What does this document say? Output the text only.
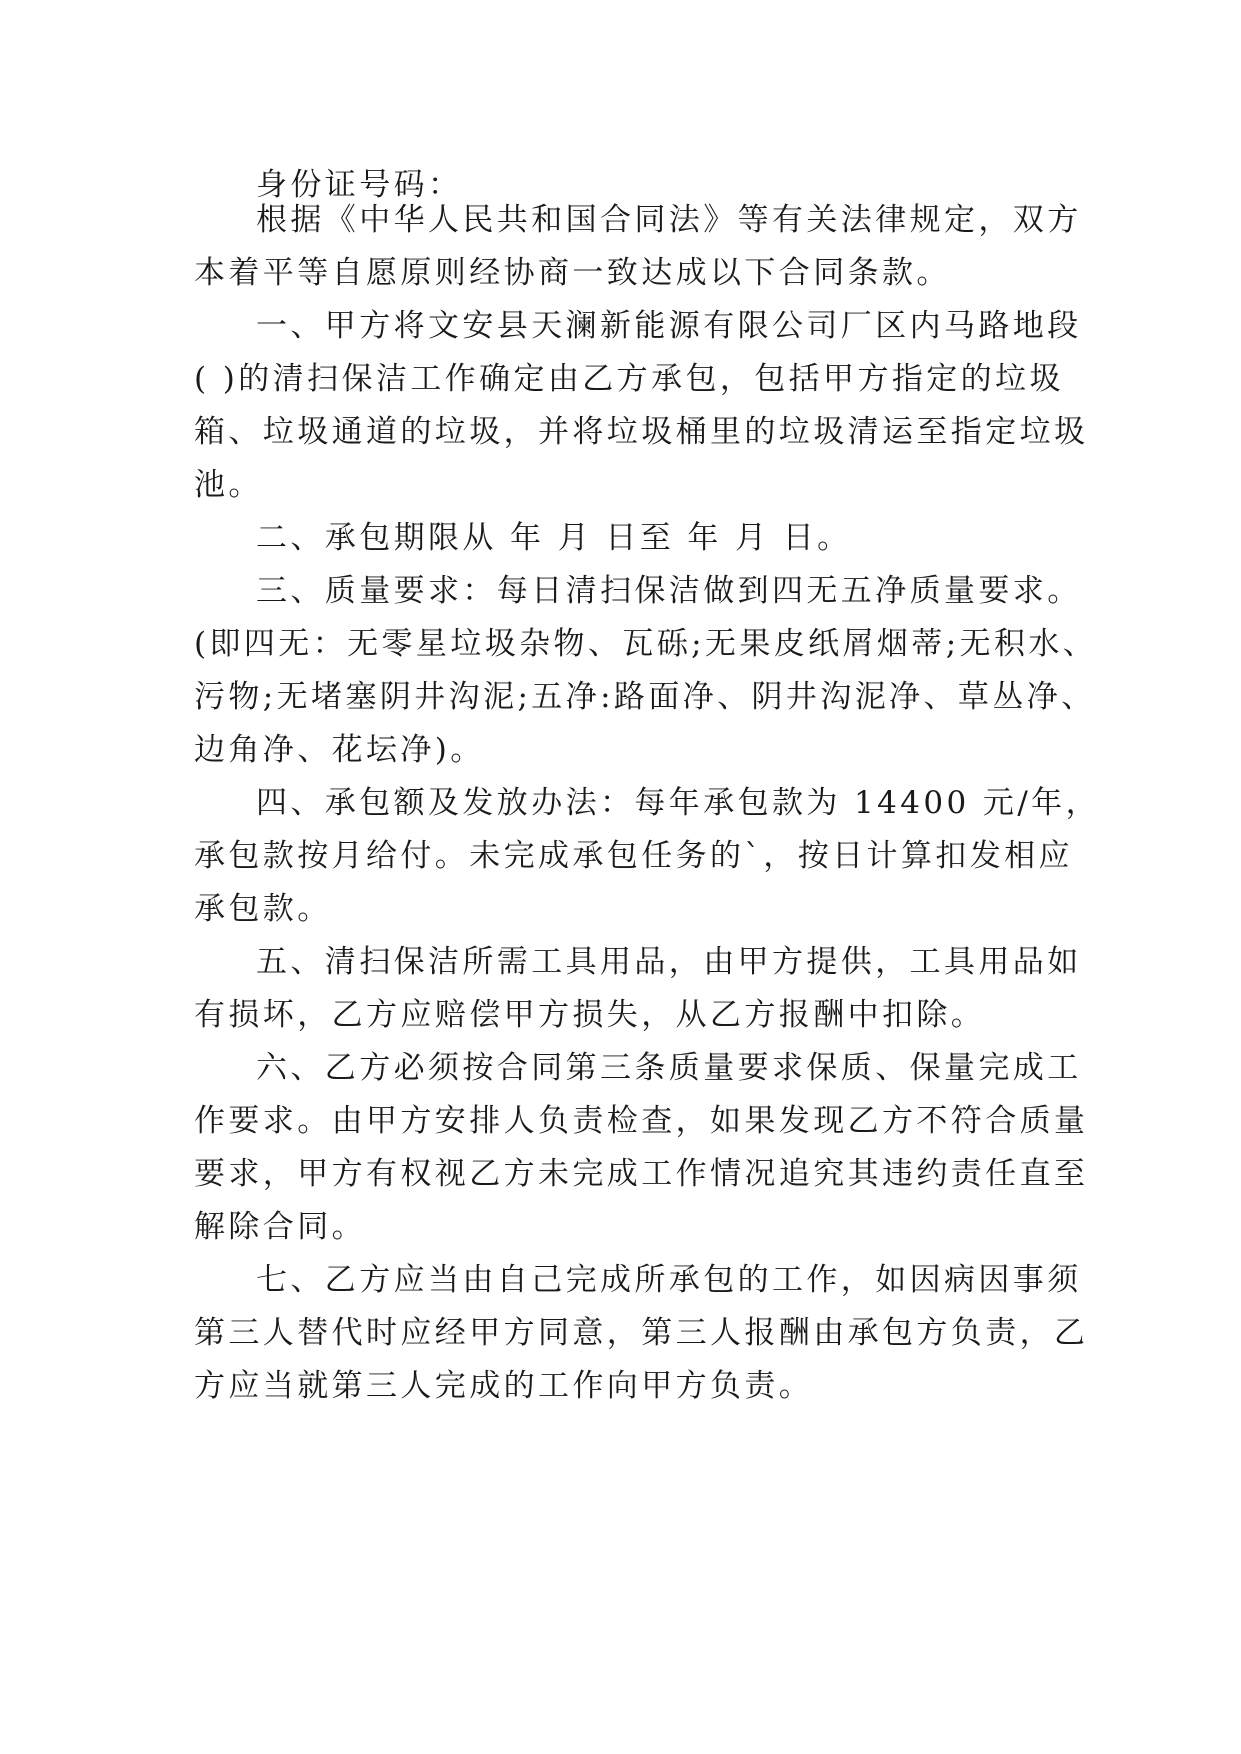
身份证号码：
根据《中华人民共和国合同法》等有关法律规定，双方
本着平等自愿原则经协商一致达成以下合同条款。
一、甲方将文安县天澜新能源有限公司厂区内马路地段
( )的清扫保洁工作确定由乙方承包，包括甲方指定的垃圾
箱、垃圾通道的垃圾，并将垃圾桶里的垃圾清运至指定垃圾
池。
二、承包期限从 年 月 日至 年 月 日。
三、质量要求：每日清扫保洁做到四无五净质量要求。
(即四无：无零星垃圾杂物、瓦砾;无果皮纸屑烟蒂;无积水、
污物;无堵塞阴井沟泥;五净:路面净、阴井沟泥净、草丛净、
边角净、花坛净)。
四、承包额及发放办法：每年承包款为 14400 元/年，
承包款按月给付。未完成承包任务的`，按日计算扣发相应
承包款。
五、清扫保洁所需工具用品，由甲方提供，工具用品如
有损坏，乙方应赔偿甲方损失，从乙方报酬中扣除。
六、乙方必须按合同第三条质量要求保质、保量完成工
作要求。由甲方安排人负责检查，如果发现乙方不符合质量
要求，甲方有权视乙方未完成工作情况追究其违约责任直至
解除合同。
七、乙方应当由自己完成所承包的工作，如因病因事须
第三人替代时应经甲方同意，第三人报酬由承包方负责，乙
方应当就第三人完成的工作向甲方负责。
